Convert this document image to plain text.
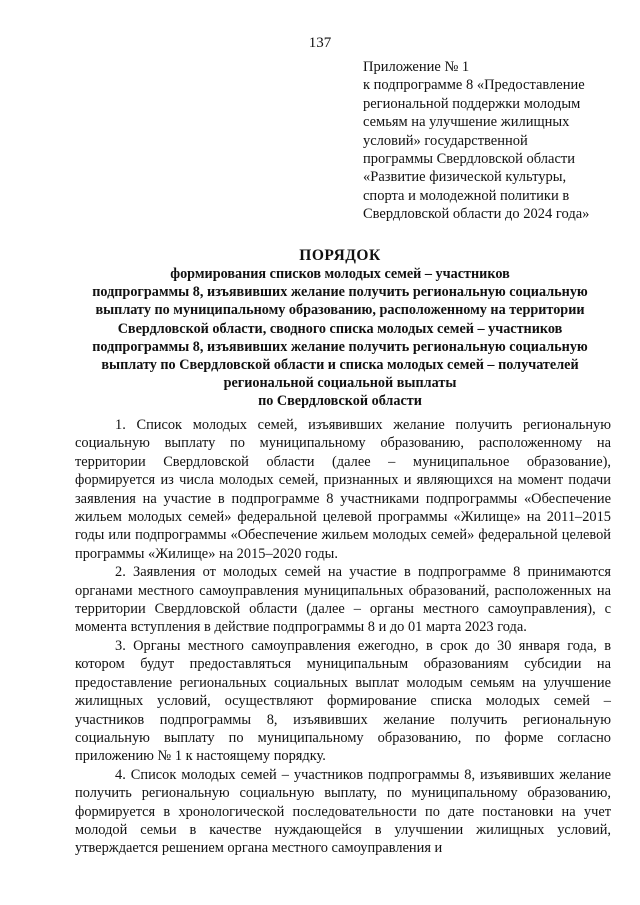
137
Приложение № 1
к подпрограмме 8 «Предоставление
региональной поддержки молодым
семьям на улучшение жилищных
условий» государственной
программы Свердловской области
«Развитие физической культуры,
спорта и молодежной политики в
Свердловской области до 2024 года»
ПОРЯДОК
формирования списков молодых семей – участников
подпрограммы 8, изъявивших желание получить региональную социальную
выплату по муниципальному образованию, расположенному на территории
Свердловской области, сводного списка молодых семей – участников
подпрограммы 8, изъявивших желание получить региональную социальную
выплату по Свердловской области и списка молодых семей – получателей
региональной социальной выплаты
по Свердловской области

1. Список молодых семей, изъявивших желание получить региональную социальную выплату по муниципальному образованию, расположенному на территории Свердловской области (далее – муниципальное образование), формируется из числа молодых семей, признанных и являющихся на момент подачи заявления на участие в подпрограмме 8 участниками подпрограммы «Обеспечение жильем молодых семей» федеральной целевой программы «Жилище» на 2011–2015 годы или подпрограммы «Обеспечение жильем молодых семей» федеральной целевой программы «Жилище» на 2015–2020 годы.

2. Заявления от молодых семей на участие в подпрограмме 8 принимаются органами местного самоуправления муниципальных образований, расположенных на территории Свердловской области (далее – органы местного самоуправления), с момента вступления в действие подпрограммы 8 и до 01 марта 2023 года.

3. Органы местного самоуправления ежегодно, в срок до 30 января года, в котором будут предоставляться муниципальным образованиям субсидии на предоставление региональных социальных выплат молодым семьям на улучшение жилищных условий, осуществляют формирование списка молодых семей – участников подпрограммы 8, изъявивших желание получить региональную социальную выплату по муниципальному образованию, по форме согласно приложению № 1 к настоящему порядку.

4. Список молодых семей – участников подпрограммы 8, изъявивших желание получить региональную социальную выплату, по муниципальному образованию, формируется в хронологической последовательности по дате постановки на учет молодой семьи в качестве нуждающейся в улучшении жилищных условий, утверждается решением органа местного самоуправления и
